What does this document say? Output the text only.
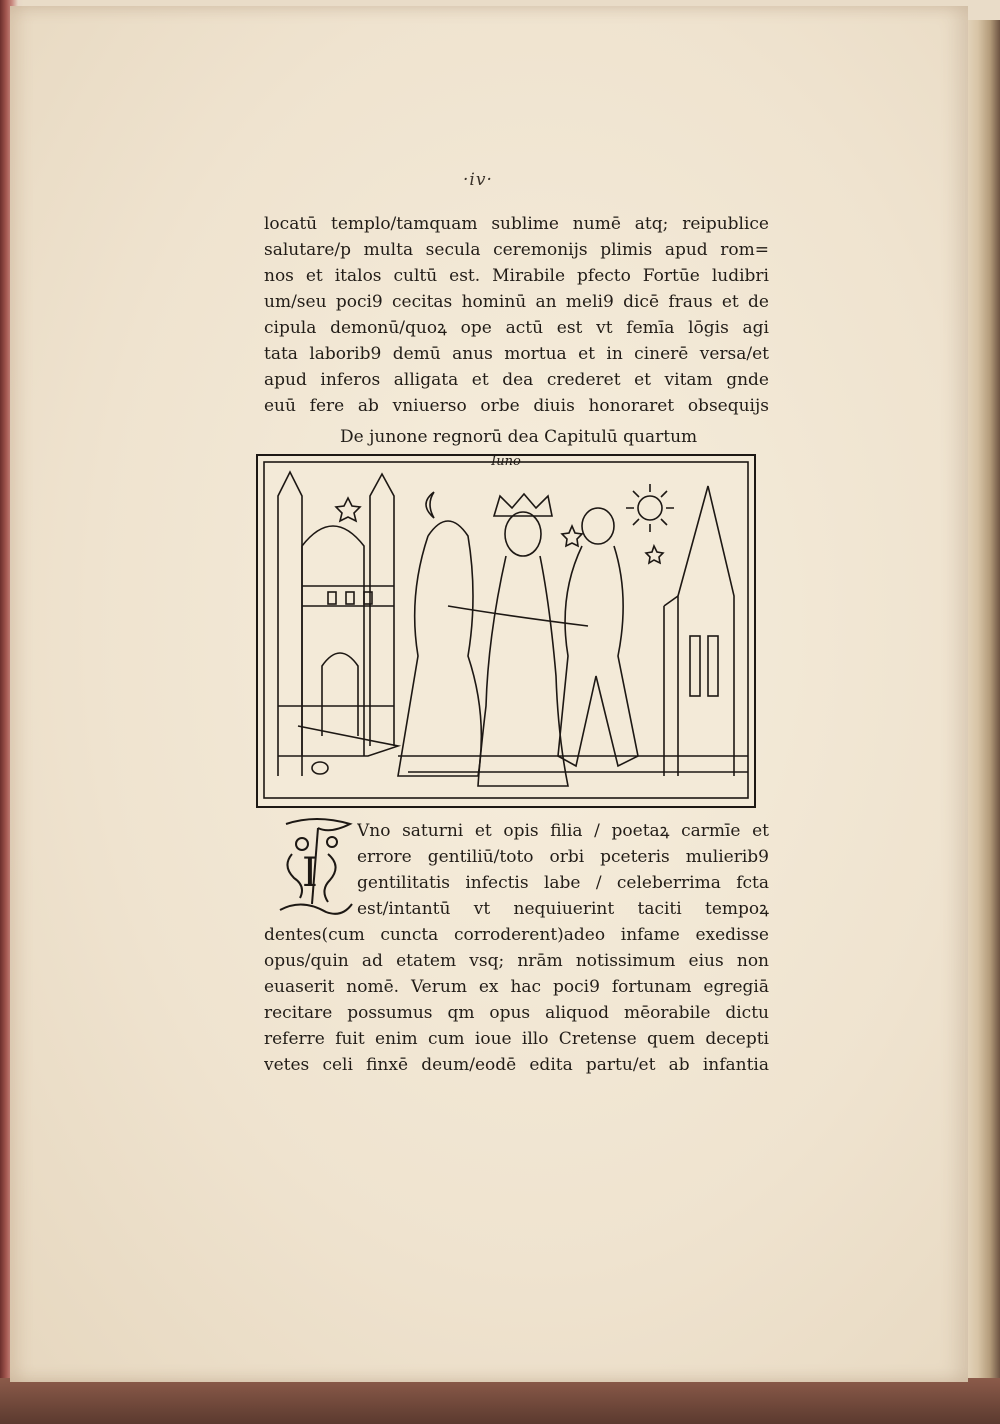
·iv·
locatū templo/tamquam sublime numē atq; reipublice
salutare/p multa secula ceremonijs plimis apud rom=
nos et italos cultū est. Mirabile pfecto Fortūe ludibri
um/seu poci9 cecitas hominū an meli9 dicē fraus et de
cipula demonū/quoꝝ ope actū est vt femīa lōgis agi
tata laborib9 demū anus mortua et in cinerē versa/et
apud inferos alligata et dea crederet et vitam gnde
euū fere ab vniuerso orbe diuis honoraret obsequijs
De junone regnorū dea Capitulū quartum
Iuno
I
Vno saturni et opis filia / poetaꝝ carmīe et
errore gentiliū/toto orbi pceteris mulierib9
gentilitatis infectis labe / celeberrima fcta
est/intantū vt nequiuerint taciti tempoꝝ
dentes(cum cuncta corroderent)adeo infame exedisse
opus/quin ad etatem vsq; nrām notissimum eius non
euaserit nomē. Verum ex hac poci9 fortunam egregiā
recitare possumus qm opus aliquod mēorabile dictu
referre fuit enim cum ioue illo Cretense quem decepti
vetes celi finxē deum/eodē edita partu/et ab infantia
